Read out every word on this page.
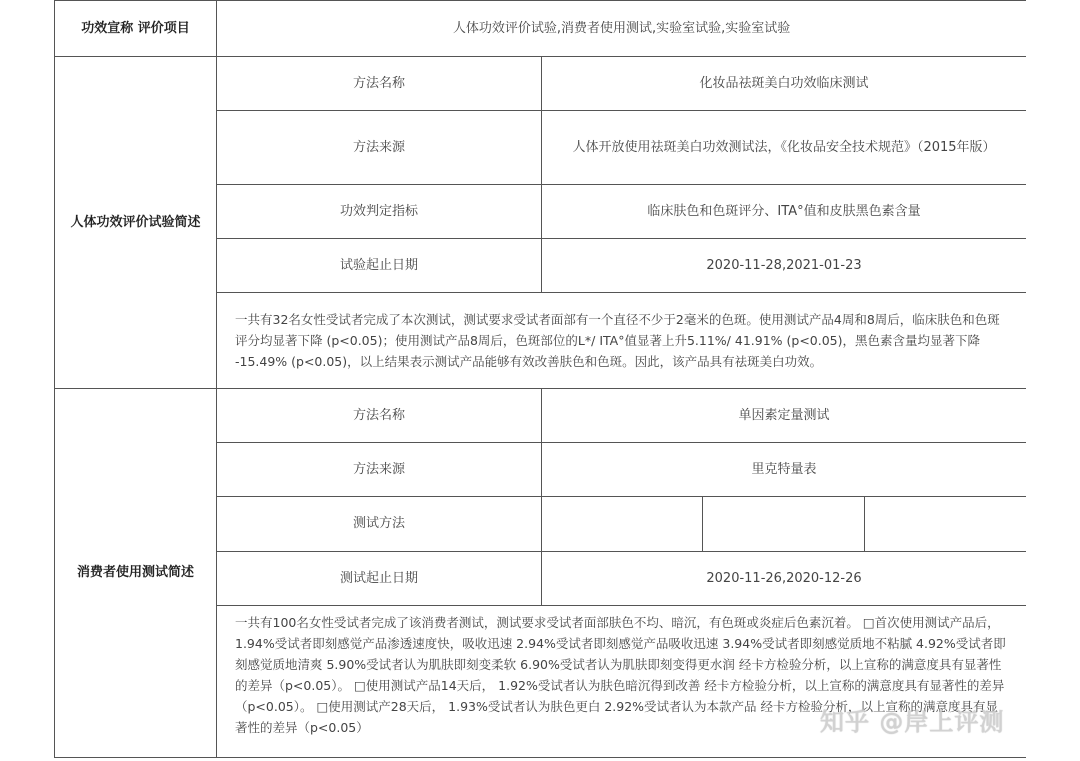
功效宣称 评价项目	人体功效评价试验,消费者使用测试,实验室试验,实验室试验			
人体功效评价试验简述	方法名称	化妆品祛斑美白功效临床测试		
	方法来源	人体开放使用祛斑美白功效测试法，《化妆品安全技术规范》（2015年版）		
	功效判定指标	临床肤色和色斑评分、ITA°值和皮肤黑色素含量		
	试验起止日期	2020-11-28,2021-01-23		
	一共有32名女性受试者完成了本次测试，测试要求受试者面部有一个直径不少于2毫米的色斑。使用测试产品4周和8周后，临床肤色和色斑评分均显著下降 (p<0.05)；使用测试产品8周后，色斑部位的L*/ ITA°值显著上升5.11%/ 41.91% (p<0.05)，黑色素含量均显著下降 -15.49% (p<0.05)，以上结果表示测试产品能够有效改善肤色和色斑。因此，该产品具有祛斑美白功效。			
消费者使用测试简述	方法名称	单因素定量测试		
	方法来源	里克特量表		
	测试方法			
	测试起止日期	2020-11-26,2020-12-26		
	一共有100名女性受试者完成了该消费者测试，测试要求受试者面部肤色不均、暗沉，有色斑或炎症后色素沉着。 □首次使用测试产品后， 1.94%受试者即刻感觉产品渗透速度快，吸收迅速 2.94%受试者即刻感觉产品吸收迅速 3.94%受试者即刻感觉质地不粘腻 4.92%受试者即刻感觉质地清爽 5.90%受试者认为肌肤即刻变柔软 6.90%受试者认为肌肤即刻变得更水润 经卡方检验分析，以上宣称的满意度具有显著性的差异（p<0.05）。 □使用测试产品14天后， 1.92%受试者认为肤色暗沉得到改善 经卡方检验分析，以上宣称的满意度具有显著性的差异（p<0.05）。 □使用测试产28天后， 1.93%受试者认为肤色更白 2.92%受试者认为本款产品 经卡方检验分析，以上宣称的满意度具有显著性的差异（p<0.05）				知乎 @岸上评测
